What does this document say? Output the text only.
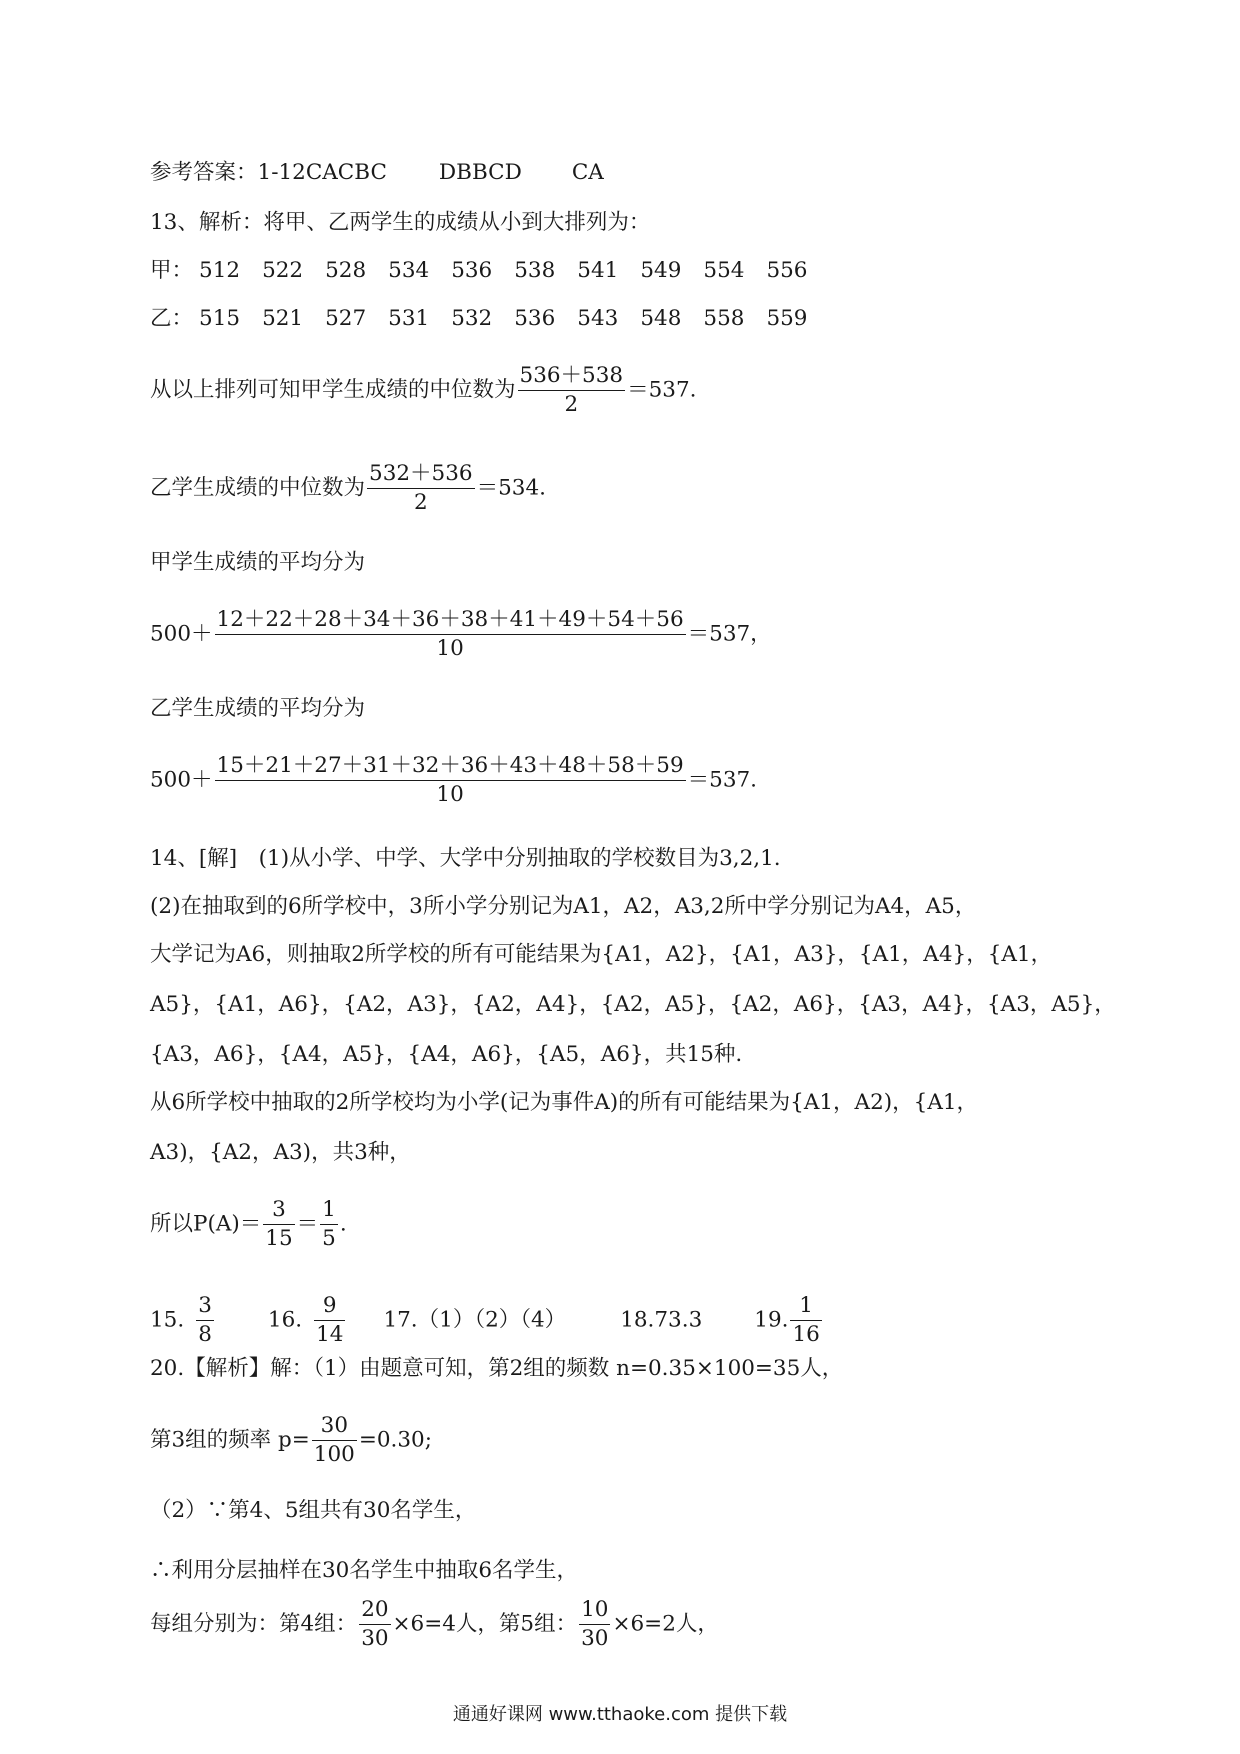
参考答案：1-12CACBC DBBCD CA
13、解析：将甲、乙两学生的成绩从小到大排列为：
甲： 512 522 528 534 536 538 541 549 554 556
乙： 515 521 527 531 532 536 543 548 558 559
从以上排列可知甲学生成绩的中位数为 $\frac{536+538}{2} =537$.
乙学生成绩的中位数为 $\frac{532+536}{2} =534$.
甲学生成绩的平均分为
$500+ \frac{12+22+28+34+36+38+41+49+54+56}{10} =537$，
乙学生成绩的平均分为
$500+ \frac{15+21+27+31+32+36+43+48+58+59}{10} =537$.
14、[解]　(1)从小学、中学、大学中分别抽取的学校数目为3,2,1.
(2)在抽取到的6所学校中，3所小学分别记为A1，A2，A3,2所中学分别记为A4，A5，
大学记为A6，则抽取2所学校的所有可能结果为{A1，A2}，{A1，A3}，{A1，A4}，{A1，
A5}，{A1，A6}，{A2，A3}，{A2，A4}，{A2，A5}，{A2，A6}，{A3，A4}，{A3，A5}，
{A3，A6}，{A4，A5}，{A4，A6}，{A5，A6}，共15种.
从6所学校中抽取的2所学校均为小学(记为事件A)的所有可能结果为{A1，A2)，{A1，
A3)，{A2，A3)，共3种，
所以$P(A)= \frac{3}{15} = \frac{1}{5}$ .
15. $\frac{3}{8}$	16. $\frac{9}{14} 17.(1)(2)(4)$	18.73.3 19. $\frac{1}{16}$
20.【解析】解：（1）由题意可知，第2组的频数 n=0.35×100=35人，
第3组的频率 $p= \frac{30}{100} =0.30$;
（2）∵第4、5组共有30名学生，
∴利用分层抽样在30名学生中抽取6名学生，
每组分别为：第4组： $\frac{20}{30} \times 6=4$人，第5组： $\frac{10}{30} \times 6=2$人，
通通好课网 www.tthaoke.com 提供下载
